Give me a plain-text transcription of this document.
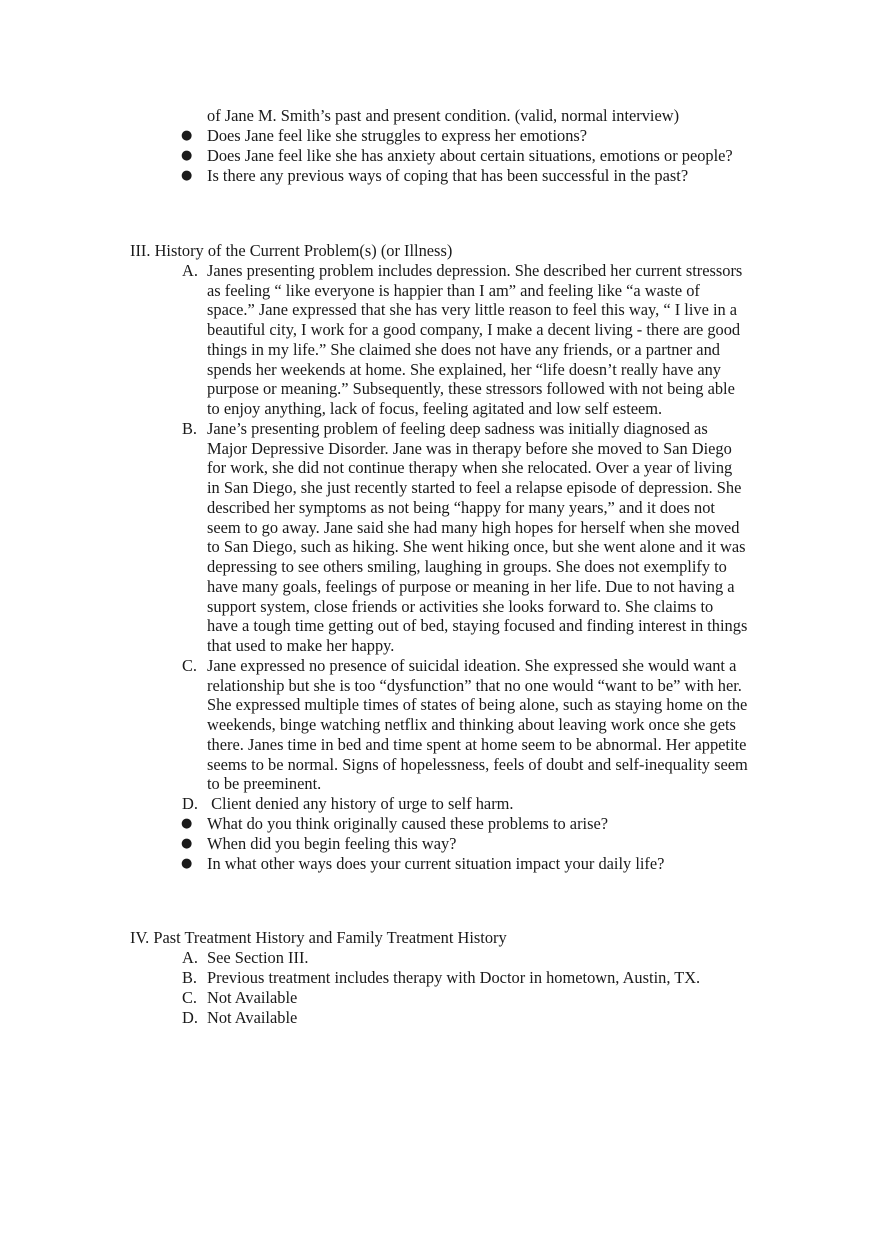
of Jane M. Smith’s past and present condition. (valid, normal interview)
● Does Jane feel like she struggles to express her emotions?
● Does Jane feel like she has anxiety about certain situations, emotions or people?
● Is there any previous ways of coping that has been successful in the past?
III. History of the Current Problem(s) (or Illness)
A. Janes presenting problem includes depression. She described her current stressors
as feeling “ like everyone is happier than I am” and feeling like “a waste of
space.” Jane expressed that she has very little reason to feel this way, “ I live in a
beautiful city, I work for a good company, I make a decent living - there are good
things in my life.” She claimed she does not have any friends, or a partner and
spends her weekends at home. She explained, her “life doesn’t really have any
purpose or meaning.” Subsequently, these stressors followed with not being able
to enjoy anything, lack of focus, feeling agitated and low self esteem.
B. Jane’s presenting problem of feeling deep sadness was initially diagnosed as
Major Depressive Disorder. Jane was in therapy before she moved to San Diego
for work, she did not continue therapy when she relocated. Over a year of living
in San Diego, she just recently started to feel a relapse episode of depression. She
described her symptoms as not being “happy for many years,” and it does not
seem to go away. Jane said she had many high hopes for herself when she moved
to San Diego, such as hiking. She went hiking once, but she went alone and it was
depressing to see others smiling, laughing in groups. She does not exemplify to
have many goals, feelings of purpose or meaning in her life. Due to not having a
support system, close friends or activities she looks forward to. She claims to
have a tough time getting out of bed, staying focused and finding interest in things
that used to make her happy.
C. Jane expressed no presence of suicidal ideation. She expressed she would want a
relationship but she is too “dysfunction” that no one would “want to be” with her.
She expressed multiple times of states of being alone, such as staying home on the
weekends, binge watching netflix and thinking about leaving work once she gets
there. Janes time in bed and time spent at home seem to be abnormal. Her appetite
seems to be normal. Signs of hopelessness, feels of doubt and self-inequality seem
to be preeminent.
D. Client denied any history of urge to self harm.
● What do you think originally caused these problems to arise?
● When did you begin feeling this way?
● In what other ways does your current situation impact your daily life?
IV. Past Treatment History and Family Treatment History
A. See Section III.
B. Previous treatment includes therapy with Doctor in hometown, Austin, TX.
C. Not Available
D. Not Available
